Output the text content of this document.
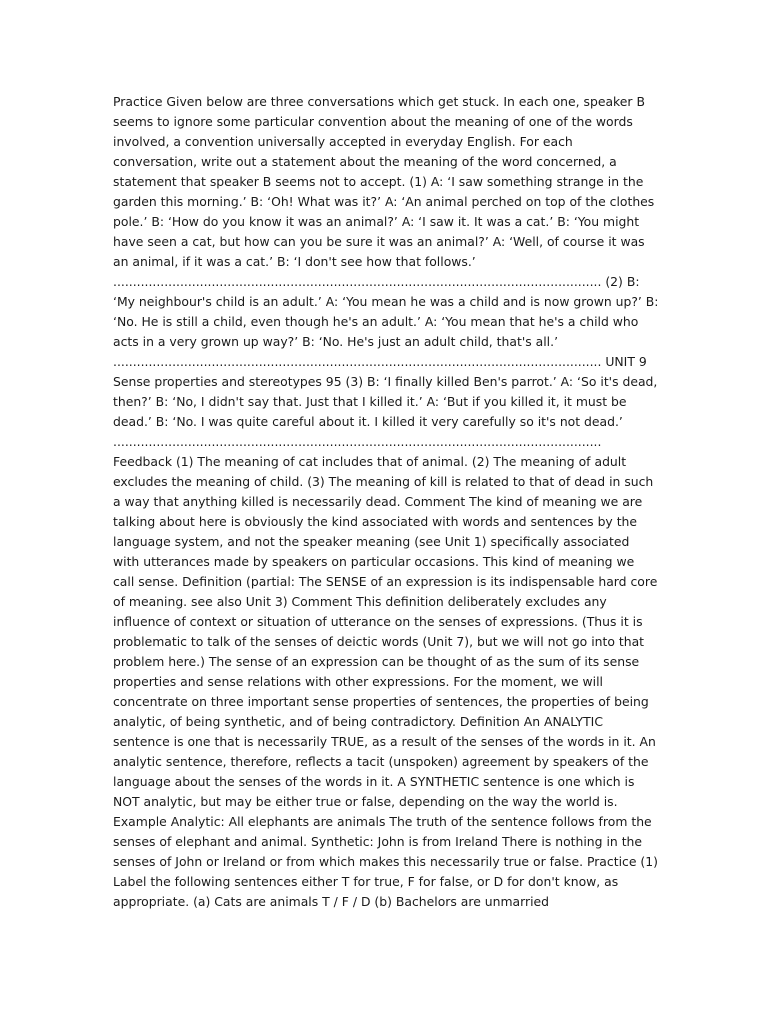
Practice Given below are three conversations which get stuck. In each one, speaker B seems to ignore some particular convention about the meaning of one of the words involved, a convention universally accepted in everyday English. For each conversation, write out a statement about the meaning of the word concerned, a statement that speaker B seems not to accept. (1) A: ‘I saw something strange in the garden this morning.’ B: ‘Oh! What was it?’ A: ‘An animal perched on top of the clothes pole.’ B: ‘How do you know it was an animal?’ A: ‘I saw it. It was a cat.’ B: ‘You might have seen a cat, but how can you be sure it was an animal?’ A: ‘Well, of course it was an animal, if it was a cat.’ B: ‘I don't see how that follows.’ ............................................................................................................................ (2) B: ‘My neighbour's child is an adult.’ A: ‘You mean he was a child and is now grown up?’ B: ‘No. He is still a child, even though he's an adult.’ A: ‘You mean that he's a child who acts in a very grown up way?’ B: ‘No. He's just an adult child, that's all.’ ............................................................................................................................ UNIT 9 Sense properties and stereotypes 95 (3) B: ‘I finally killed Ben's parrot.’ A: ‘So it's dead, then?’ B: ‘No, I didn't say that. Just that I killed it.’ A: ‘But if you killed it, it must be dead.’ B: ‘No. I was quite careful about it. I killed it very carefully so it's not dead.’ ............................................................................................................................ Feedback (1) The meaning of cat includes that of animal. (2) The meaning of adult excludes the meaning of child. (3) The meaning of kill is related to that of dead in such a way that anything killed is necessarily dead. Comment The kind of meaning we are talking about here is obviously the kind associated with words and sentences by the language system, and not the speaker meaning (see Unit 1) specifically associated with utterances made by speakers on particular occasions. This kind of meaning we call sense. Definition (partial: The SENSE of an expression is its indispensable hard core of meaning. see also Unit 3) Comment This definition deliberately excludes any influence of context or situation of utterance on the senses of expressions. (Thus it is problematic to talk of the senses of deictic words (Unit 7), but we will not go into that problem here.) The sense of an expression can be thought of as the sum of its sense properties and sense relations with other expressions. For the moment, we will concentrate on three important sense properties of sentences, the properties of being analytic, of being synthetic, and of being contradictory. Definition An ANALYTIC sentence is one that is necessarily TRUE, as a result of the senses of the words in it. An analytic sentence, therefore, reflects a tacit (unspoken) agreement by speakers of the language about the senses of the words in it. A SYNTHETIC sentence is one which is NOT analytic, but may be either true or false, depending on the way the world is. Example Analytic: All elephants are animals The truth of the sentence follows from the senses of elephant and animal. Synthetic: John is from Ireland There is nothing in the senses of John or Ireland or from which makes this necessarily true or false. Practice (1) Label the following sentences either T for true, F for false, or D for don't know, as appropriate. (a) Cats are animals T / F / D (b) Bachelors are unmarried
